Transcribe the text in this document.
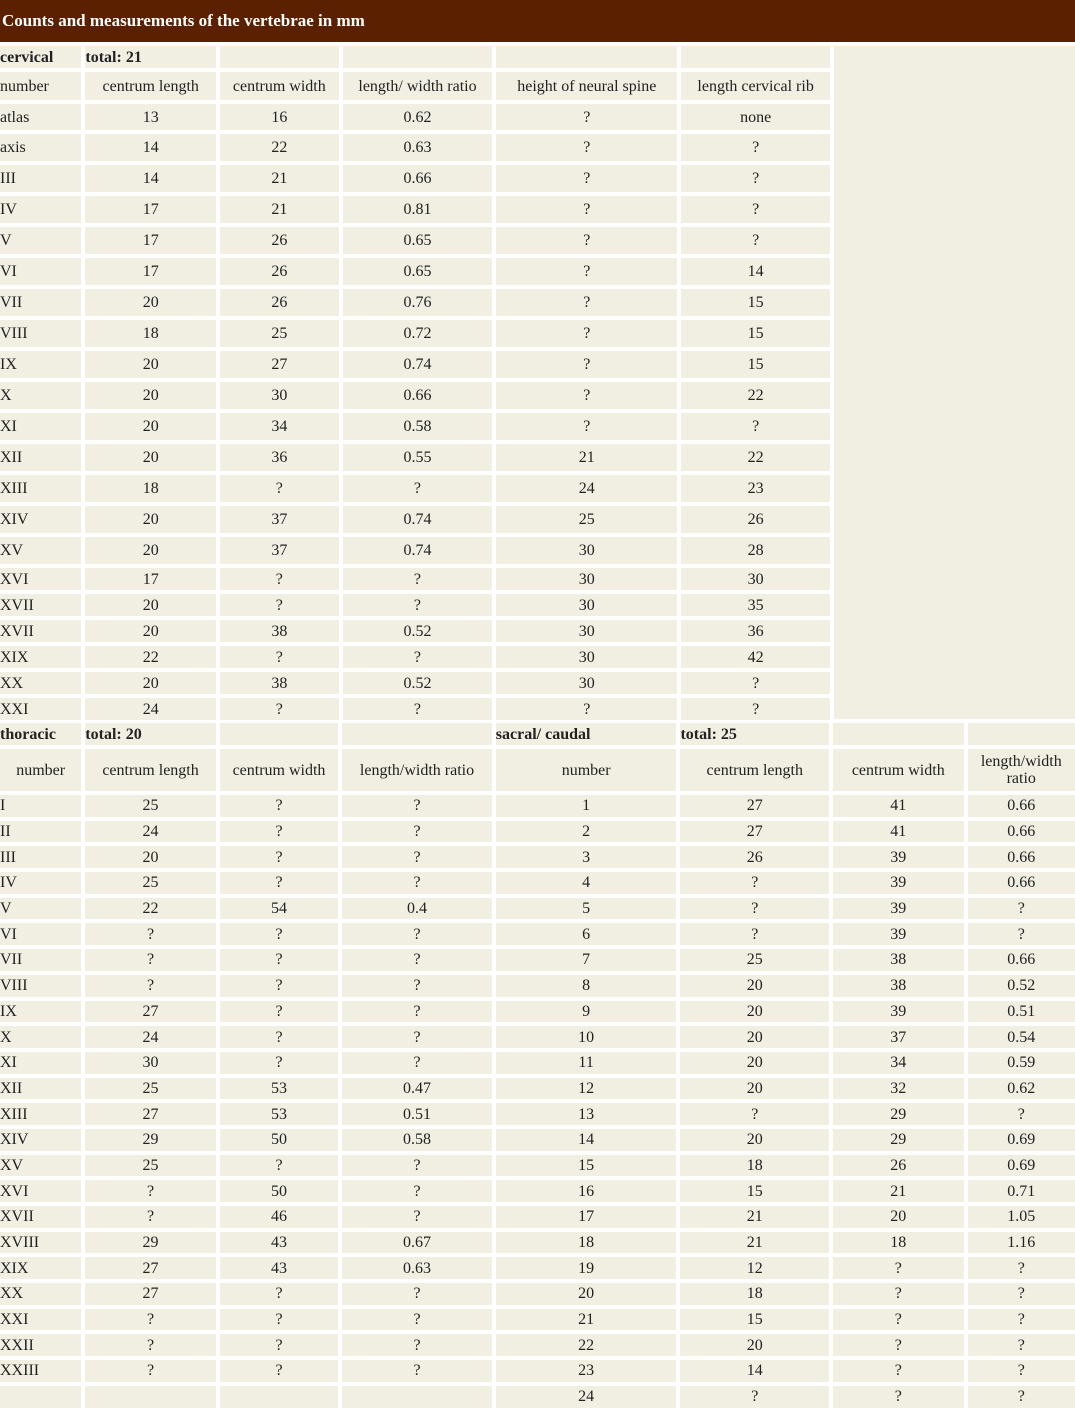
Counts and measurements of the vertebrae in mm
cervical	total: 21				
number	centrum length	centrum width	length/ width ratio	height of neural spine	length cervical rib
atlas	13	16	0.62	?	none
axis	14	22	0.63	?	?
III	14	21	0.66	?	?
IV	17	21	0.81	?	?
V	17	26	0.65	?	?
VI	17	26	0.65	?	14
VII	20	26	0.76	?	15
VIII	18	25	0.72	?	15
IX	20	27	0.74	?	15
X	20	30	0.66	?	22
XI	20	34	0.58	?	?
XII	20	36	0.55	21	22
XIII	18	?	?	24	23
XIV	20	37	0.74	25	26
XV	20	37	0.74	30	28
XVI	17	?	?	30	30
XVII	20	?	?	30	35
XVII	20	38	0.52	30	36
XIX	22	?	?	30	42
XX	20	38	0.52	30	?
XXI	24	?	?	?	?
thoracic	total: 20			sacral/ caudal	total: 25		
number	centrum length	centrum width	length/width ratio	number	centrum length	centrum width	length/width ratio
I	25	?	?	1	27	41	0.66
II	24	?	?	2	27	41	0.66
III	20	?	?	3	26	39	0.66
IV	25	?	?	4	?	39	0.66
V	22	54	0.4	5	?	39	?
VI	?	?	?	6	?	39	?
VII	?	?	?	7	25	38	0.66
VIII	?	?	?	8	20	38	0.52
IX	27	?	?	9	20	39	0.51
X	24	?	?	10	20	37	0.54
XI	30	?	?	11	20	34	0.59
XII	25	53	0.47	12	20	32	0.62
XIII	27	53	0.51	13	?	29	?
XIV	29	50	0.58	14	20	29	0.69
XV	25	?	?	15	18	26	0.69
XVI	?	50	?	16	15	21	0.71
XVII	?	46	?	17	21	20	1.05
XVIII	29	43	0.67	18	21	18	1.16
XIX	27	43	0.63	19	12	?	?
XX	27	?	?	20	18	?	?
XXI	?	?	?	21	15	?	?
XXII	?	?	?	22	20	?	?
XXIII	?	?	?	23	14	?	?
				24	?	?	?
